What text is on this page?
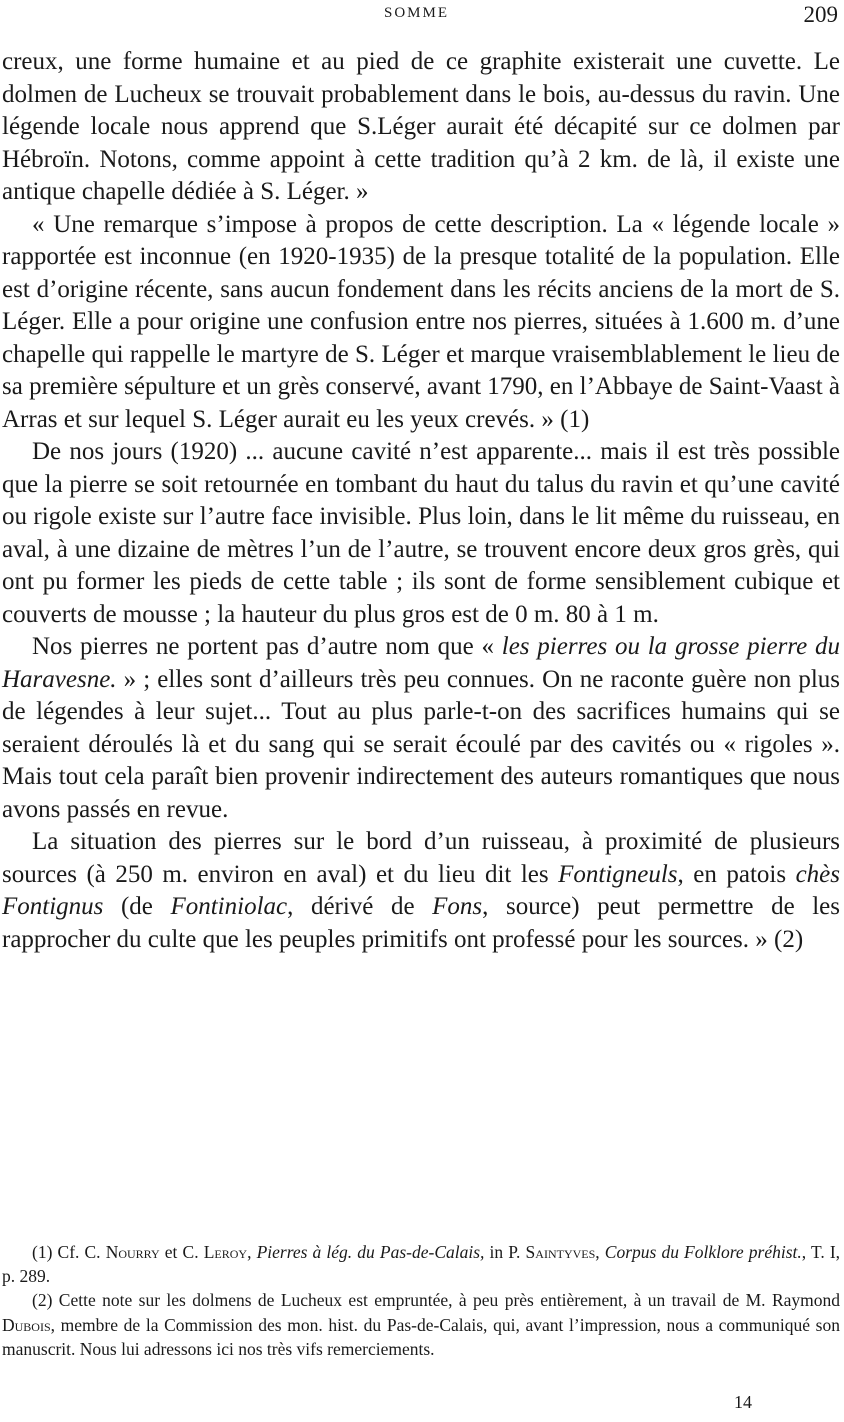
SOMME	209

creux, une forme humaine et au pied de ce graphite existerait une cuvette. Le dolmen de Lucheux se trouvait probablement dans le bois, au-dessus du ravin. Une légende locale nous apprend que S.Léger aurait été décapité sur ce dolmen par Hébroïn. Notons, comme appoint à cette tradition qu’à 2 km. de là, il existe une antique chapelle dédiée à S. Léger. »

« Une remarque s’impose à propos de cette description. La « légende locale » rapportée est inconnue (en 1920-1935) de la presque totalité de la population. Elle est d’origine récente, sans aucun fondement dans les récits anciens de la mort de S. Léger. Elle a pour origine une confusion entre nos pierres, situées à 1.600 m. d’une chapelle qui rappelle le martyre de S. Léger et marque vraisemblablement le lieu de sa première sépulture et un grès conservé, avant 1790, en l’Abbaye de Saint-Vaast à Arras et sur lequel S. Léger aurait eu les yeux crevés. » (1)

De nos jours (1920) ... aucune cavité n’est apparente... mais il est très possible que la pierre se soit retournée en tombant du haut du talus du ravin et qu’une cavité ou rigole existe sur l’autre face invisible. Plus loin, dans le lit même du ruisseau, en aval, à une dizaine de mètres l’un de l’autre, se trouvent encore deux gros grès, qui ont pu former les pieds de cette table ; ils sont de forme sensiblement cubique et couverts de mousse ; la hauteur du plus gros est de 0 m. 80 à 1 m.

Nos pierres ne portent pas d’autre nom que « les pierres ou la grosse pierre du Haravesne. » ; elles sont d’ailleurs très peu connues. On ne raconte guère non plus de légendes à leur sujet... Tout au plus parle-t-on des sacrifices humains qui se seraient déroulés là et du sang qui se serait écoulé par des cavités ou « rigoles ». Mais tout cela paraît bien provenir indirectement des auteurs romantiques que nous avons passés en revue.

La situation des pierres sur le bord d’un ruisseau, à proximité de plusieurs sources (à 250 m. environ en aval) et du lieu dit les Fontigneuls, en patois chès Fontignus (de Fontiniolac, dérivé de Fons, source) peut permettre de les rapprocher du culte que les peuples primitifs ont professé pour les sources. » (2)

(1) Cf. C. Nourry et C. Leroy, Pierres à lég. du Pas-de-Calais, in P. Saintyves, Corpus du Folklore préhist., T. I, p. 289.

(2) Cette note sur les dolmens de Lucheux est empruntée, à peu près entièrement, à un travail de M. Raymond Dubois, membre de la Commission des mon. hist. du Pas-de-Calais, qui, avant l’impression, nous a communiqué son manuscrit. Nous lui adressons ici nos très vifs remerciements.

14
